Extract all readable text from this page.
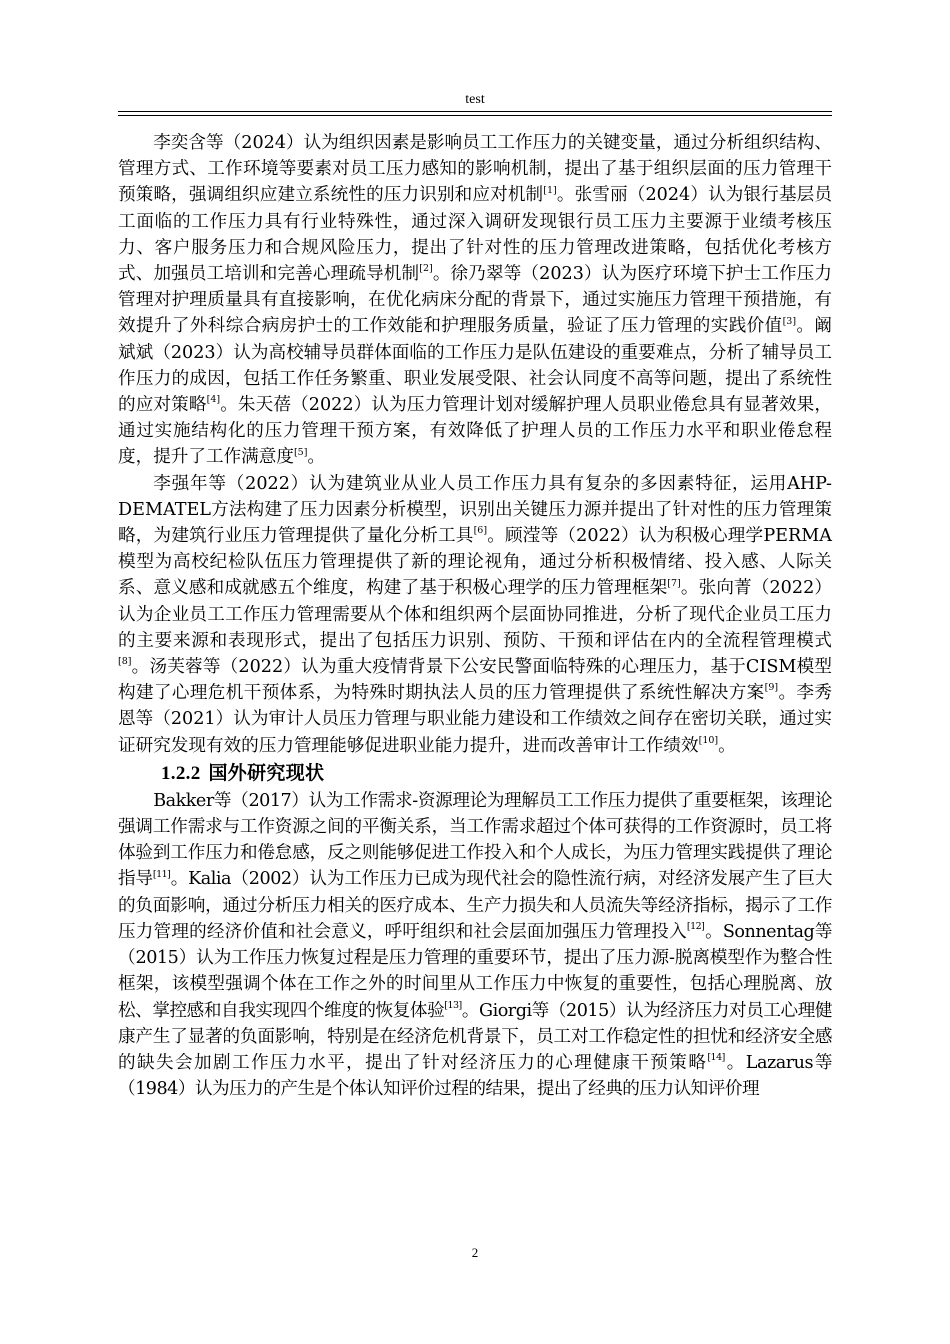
test

李奕含等（2024）认为组织因素是影响员工工作压力的关键变量，通过分析组织结构、管理方式、工作环境等要素对员工压力感知的影响机制，提出了基于组织层面的压力管理干预策略，强调组织应建立系统性的压力识别和应对机制[1]。张雪丽（2024）认为银行基层员工面临的工作压力具有行业特殊性，通过深入调研发现银行员工压力主要源于业绩考核压力、客户服务压力和合规风险压力，提出了针对性的压力管理改进策略，包括优化考核方式、加强员工培训和完善心理疏导机制[2]。徐乃翠等（2023）认为医疗环境下护士工作压力管理对护理质量具有直接影响，在优化病床分配的背景下，通过实施压力管理干预措施，有效提升了外科综合病房护士的工作效能和护理服务质量，验证了压力管理的实践价值[3]。阚斌斌（2023）认为高校辅导员群体面临的工作压力是队伍建设的重要难点，分析了辅导员工作压力的成因，包括工作任务繁重、职业发展受限、社会认同度不高等问题，提出了系统性的应对策略[4]。朱天蓓（2022）认为压力管理计划对缓解护理人员职业倦怠具有显著效果，通过实施结构化的压力管理干预方案，有效降低了护理人员的工作压力水平和职业倦怠程度，提升了工作满意度[5]。

李强年等（2022）认为建筑业从业人员工作压力具有复杂的多因素特征，运用AHP-DEMATEL方法构建了压力因素分析模型，识别出关键压力源并提出了针对性的压力管理策略，为建筑行业压力管理提供了量化分析工具[6]。顾滢等（2022）认为积极心理学PERMA模型为高校纪检队伍压力管理提供了新的理论视角，通过分析积极情绪、投入感、人际关系、意义感和成就感五个维度，构建了基于积极心理学的压力管理框架[7]。张向菁（2022）认为企业员工工作压力管理需要从个体和组织两个层面协同推进，分析了现代企业员工压力的主要来源和表现形式，提出了包括压力识别、预防、干预和评估在内的全流程管理模式[8]。汤芙蓉等（2022）认为重大疫情背景下公安民警面临特殊的心理压力，基于CISM模型构建了心理危机干预体系，为特殊时期执法人员的压力管理提供了系统性解决方案[9]。李秀恩等（2021）认为审计人员压力管理与职业能力建设和工作绩效之间存在密切关联，通过实证研究发现有效的压力管理能够促进职业能力提升，进而改善审计工作绩效[10]。

1.2.2 国外研究现状

Bakker等（2017）认为工作需求-资源理论为理解员工工作压力提供了重要框架，该理论强调工作需求与工作资源之间的平衡关系，当工作需求超过个体可获得的工作资源时，员工将体验到工作压力和倦怠感，反之则能够促进工作投入和个人成长，为压力管理实践提供了理论指导[11]。Kalia（2002）认为工作压力已成为现代社会的隐性流行病，对经济发展产生了巨大的负面影响，通过分析压力相关的医疗成本、生产力损失和人员流失等经济指标，揭示了工作压力管理的经济价值和社会意义，呼吁组织和社会层面加强压力管理投入[12]。Sonnentag等（2015）认为工作压力恢复过程是压力管理的重要环节，提出了压力源-脱离模型作为整合性框架，该模型强调个体在工作之外的时间里从工作压力中恢复的重要性，包括心理脱离、放松、掌控感和自我实现四个维度的恢复体验[13]。Giorgi等（2015）认为经济压力对员工心理健康产生了显著的负面影响，特别是在经济危机背景下，员工对工作稳定性的担忧和经济安全感的缺失会加剧工作压力水平，提出了针对经济压力的心理健康干预策略[14]。Lazarus等（1984）认为压力的产生是个体认知评价过程的结果，提出了经典的压力认知评价理

2
